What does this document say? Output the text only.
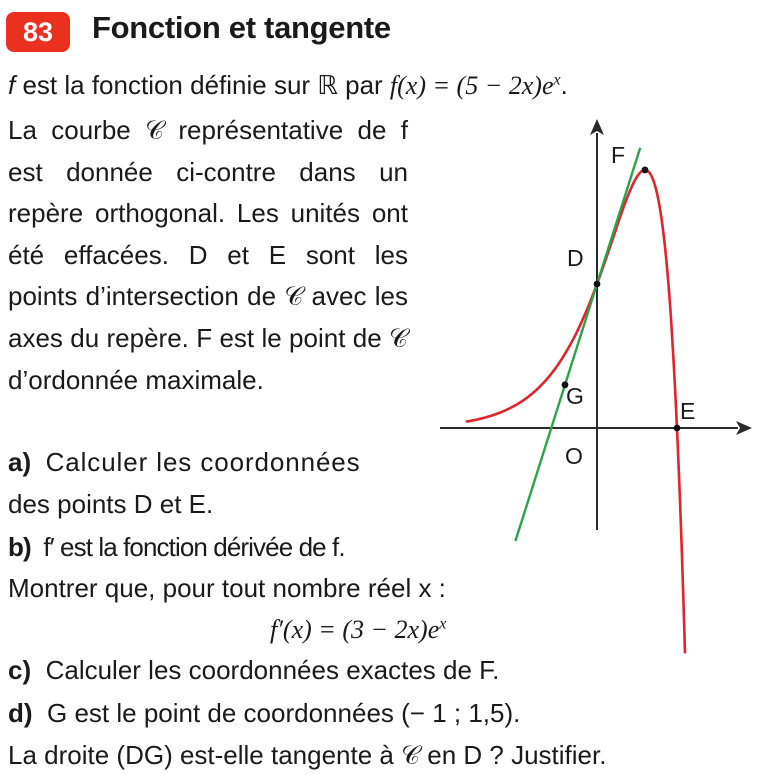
83	Fonction et tangente
f est la fonction définie sur ℝ par $f(x) = (5 - 2x)e^x$.

La courbe 𝒞 représentative de f est donnée ci-contre dans un repère orthogonal. Les unités ont été effacées. D et E sont les points d’intersection de 𝒞 avec les axes du repère. F est le point de 𝒞 d’ordonnée maximale.

a) Calculer les coordonnées
des points D et E.
b) f′ est la fonction dérivée de f.
Montrer que, pour tout nombre réel x :
$f'(x) = (3 - 2x)e^x$
c) Calculer les coordonnées exactes de F.
d) G est le point de coordonnées (− 1 ; 1,5).
La droite (DG) est-elle tangente à 𝒞 en D ? Justifier.
F
D
G
E
O
